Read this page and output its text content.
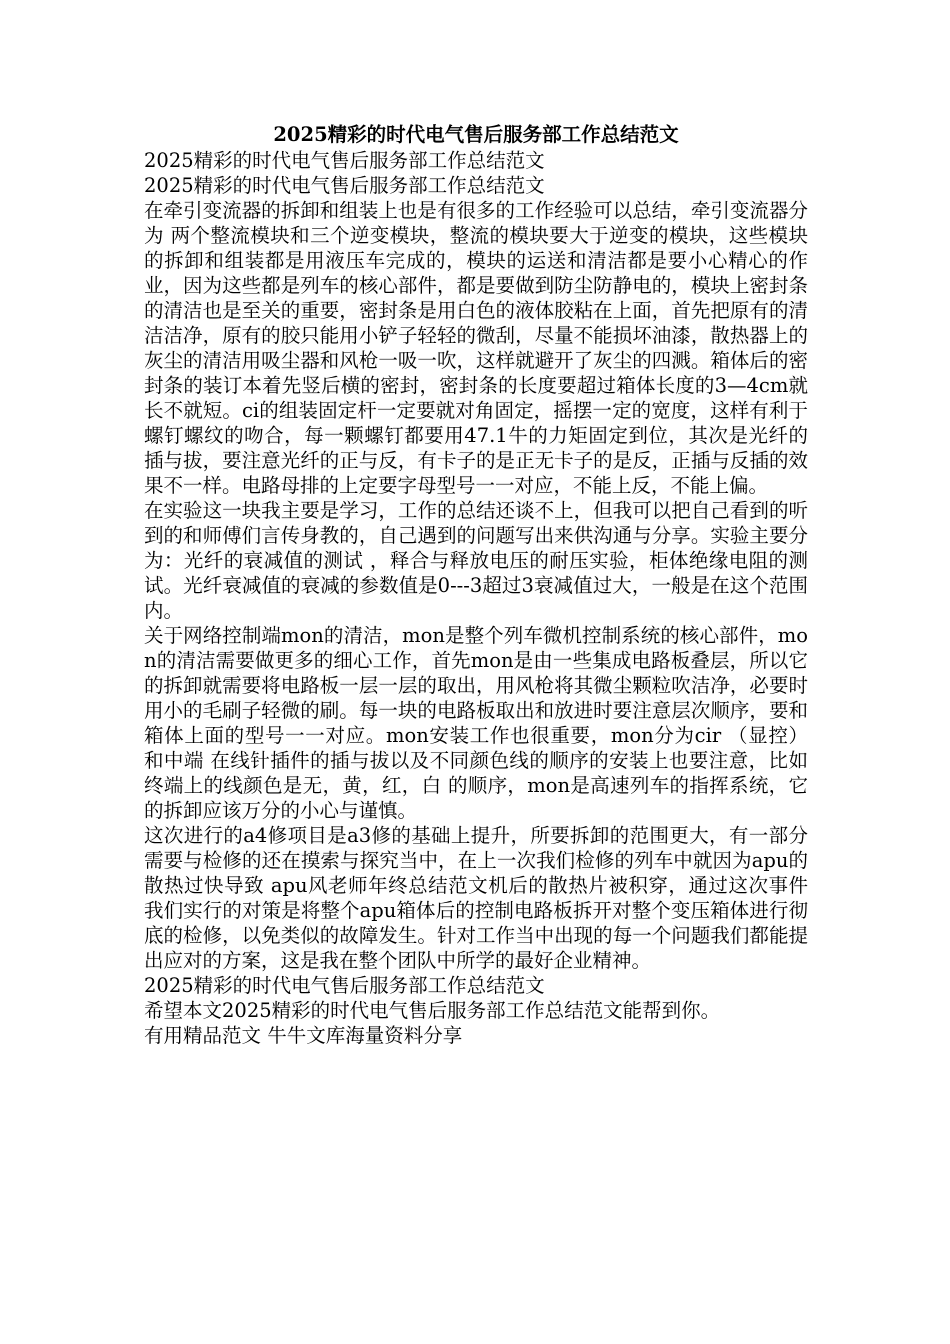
2025精彩的时代电气售后服务部工作总结范文

2025精彩的时代电气售后服务部工作总结范文

2025精彩的时代电气售后服务部工作总结范文

在牵引变流器的拆卸和组装上也是有很多的工作经验可以总结，牵引变流器分为 两个整流模块和三个逆变模块，整流的模块要大于逆变的模块，这些模块的拆卸和组装都是用液压车完成的，模块的运送和清洁都是要小心精心的作业，因为这些都是列车的核心部件，都是要做到防尘防静电的，模块上密封条的清洁也是至关的重要，密封条是用白色的液体胶粘在上面，首先把原有的清洁洁净，原有的胶只能用小铲子轻轻的微刮，尽量不能损坏油漆，散热器上的灰尘的清洁用吸尘器和风枪一吸一吹，这样就避开了灰尘的四溅。箱体后的密封条的装订本着先竖后横的密封，密封条的长度要超过箱体长度的3—4cm就长不就短。ci的组装固定杆一定要就对角固定，摇摆一定的宽度，这样有利于螺钉螺纹的吻合，每一颗螺钉都要用47.1牛的力矩固定到位，其次是光纤的插与拔，要注意光纤的正与反，有卡子的是正无卡子的是反，正插与反插的效果不一样。电路母排的上定要字母型号一一对应，不能上反，不能上偏。

在实验这一块我主要是学习，工作的总结还谈不上，但我可以把自己看到的听到的和师傅们言传身教的，自己遇到的问题写出来供沟通与分享。实验主要分为：光纤的衰减值的测试 ，释合与释放电压的耐压实验，柜体绝缘电阻的测试。光纤衰减值的衰减的参数值是0---3超过3衰减值过大，一般是在这个范围内。

关于网络控制端mon的清洁，mon是整个列车微机控制系统的核心部件，mon的清洁需要做更多的细心工作，首先mon是由一些集成电路板叠层，所以它的拆卸就需要将电路板一层一层的取出，用风枪将其微尘颗粒吹洁净，必要时用小的毛刷子轻微的刷。每一块的电路板取出和放进时要注意层次顺序，要和箱体上面的型号一一对应。mon安装工作也很重要，mon分为cir （显控）和中端 在线针插件的插与拔以及不同颜色线的顺序的安装上也要注意，比如终端上的线颜色是无，黄，红，白 的顺序，mon是高速列车的指挥系统，它的拆卸应该万分的小心与谨慎。

这次进行的a4修项目是a3修的基础上提升，所要拆卸的范围更大，有一部分需要与检修的还在摸索与探究当中，在上一次我们检修的列车中就因为apu的散热过快导致 apu风老师年终总结范文机后的散热片被积穿，通过这次事件我们实行的对策是将整个apu箱体后的控制电路板拆开对整个变压箱体进行彻底的检修，以免类似的故障发生。针对工作当中出现的每一个问题我们都能提出应对的方案，这是我在整个团队中所学的最好企业精神。

2025精彩的时代电气售后服务部工作总结范文

希望本文2025精彩的时代电气售后服务部工作总结范文能帮到你。

有用精品范文 牛牛文库海量资料分享
